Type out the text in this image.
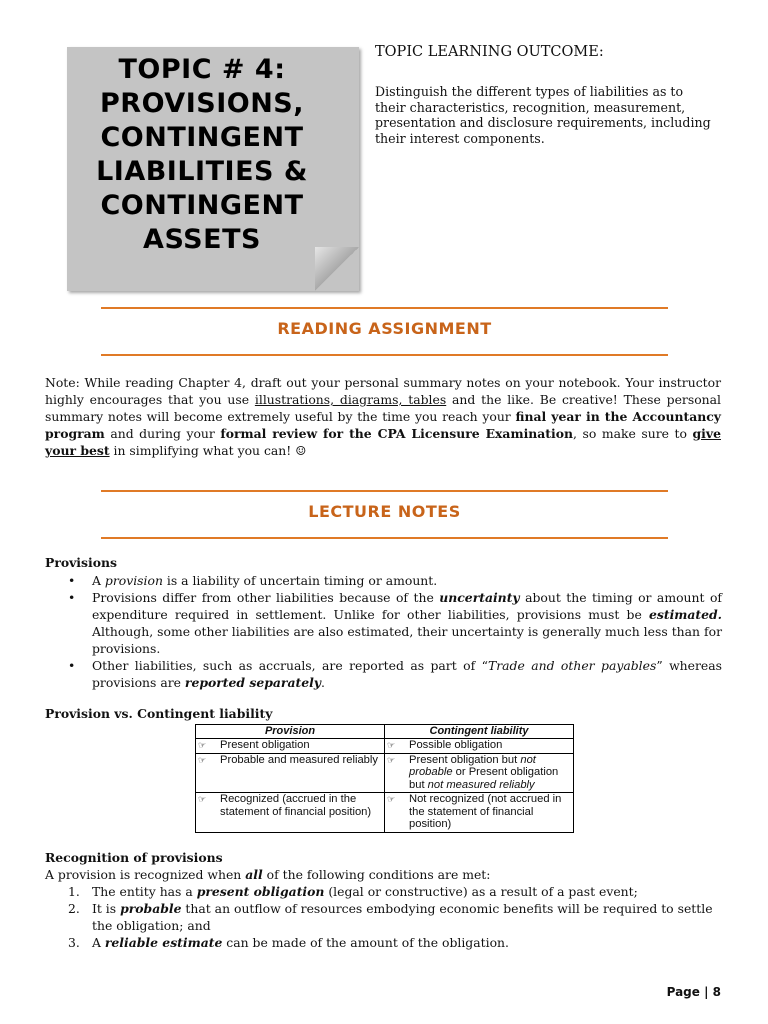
TOPIC # 4:
PROVISIONS,
CONTINGENT
LIABILITIES &
CONTINGENT
ASSETS
TOPIC LEARNING OUTCOME:
Distinguish the different types of liabilities as to their characteristics, recognition, measurement, presentation and disclosure requirements, including their interest components.
READING ASSIGNMENT
Note: While reading Chapter 4, draft out your personal summary notes on your notebook. Your instructor highly encourages that you use illustrations, diagrams, tables and the like. Be creative! These personal summary notes will become extremely useful by the time you reach your final year in the Accountancy program and during your formal review for the CPA Licensure Examination, so make sure to give your best in simplifying what you can! ☺
LECTURE NOTES
Provisions
• A provision is a liability of uncertain timing or amount.
• Provisions differ from other liabilities because of the uncertainty about the timing or amount of expenditure required in settlement. Unlike for other liabilities, provisions must be estimated. Although, some other liabilities are also estimated, their uncertainty is generally much less than for provisions.
• Other liabilities, such as accruals, are reported as part of “Trade and other payables” whereas provisions are reported separately.
Provision vs. Contingent liability
Provision	Contingent liability

☞ Present obligation	☞ Possible obligation

☞ Probable and measured reliably	☞ Present obligation but not probable or Present obligation but not measured reliably

☞ Recognized (accrued in the statement of financial position)	☞ Not recognized (not accrued in the statement of financial position)
Recognition of provisions
A provision is recognized when all of the following conditions are met:
1. The entity has a present obligation (legal or constructive) as a result of a past event;
2. It is probable that an outflow of resources embodying economic benefits will be required to settle the obligation; and
3. A reliable estimate can be made of the amount of the obligation.
Page | 8
